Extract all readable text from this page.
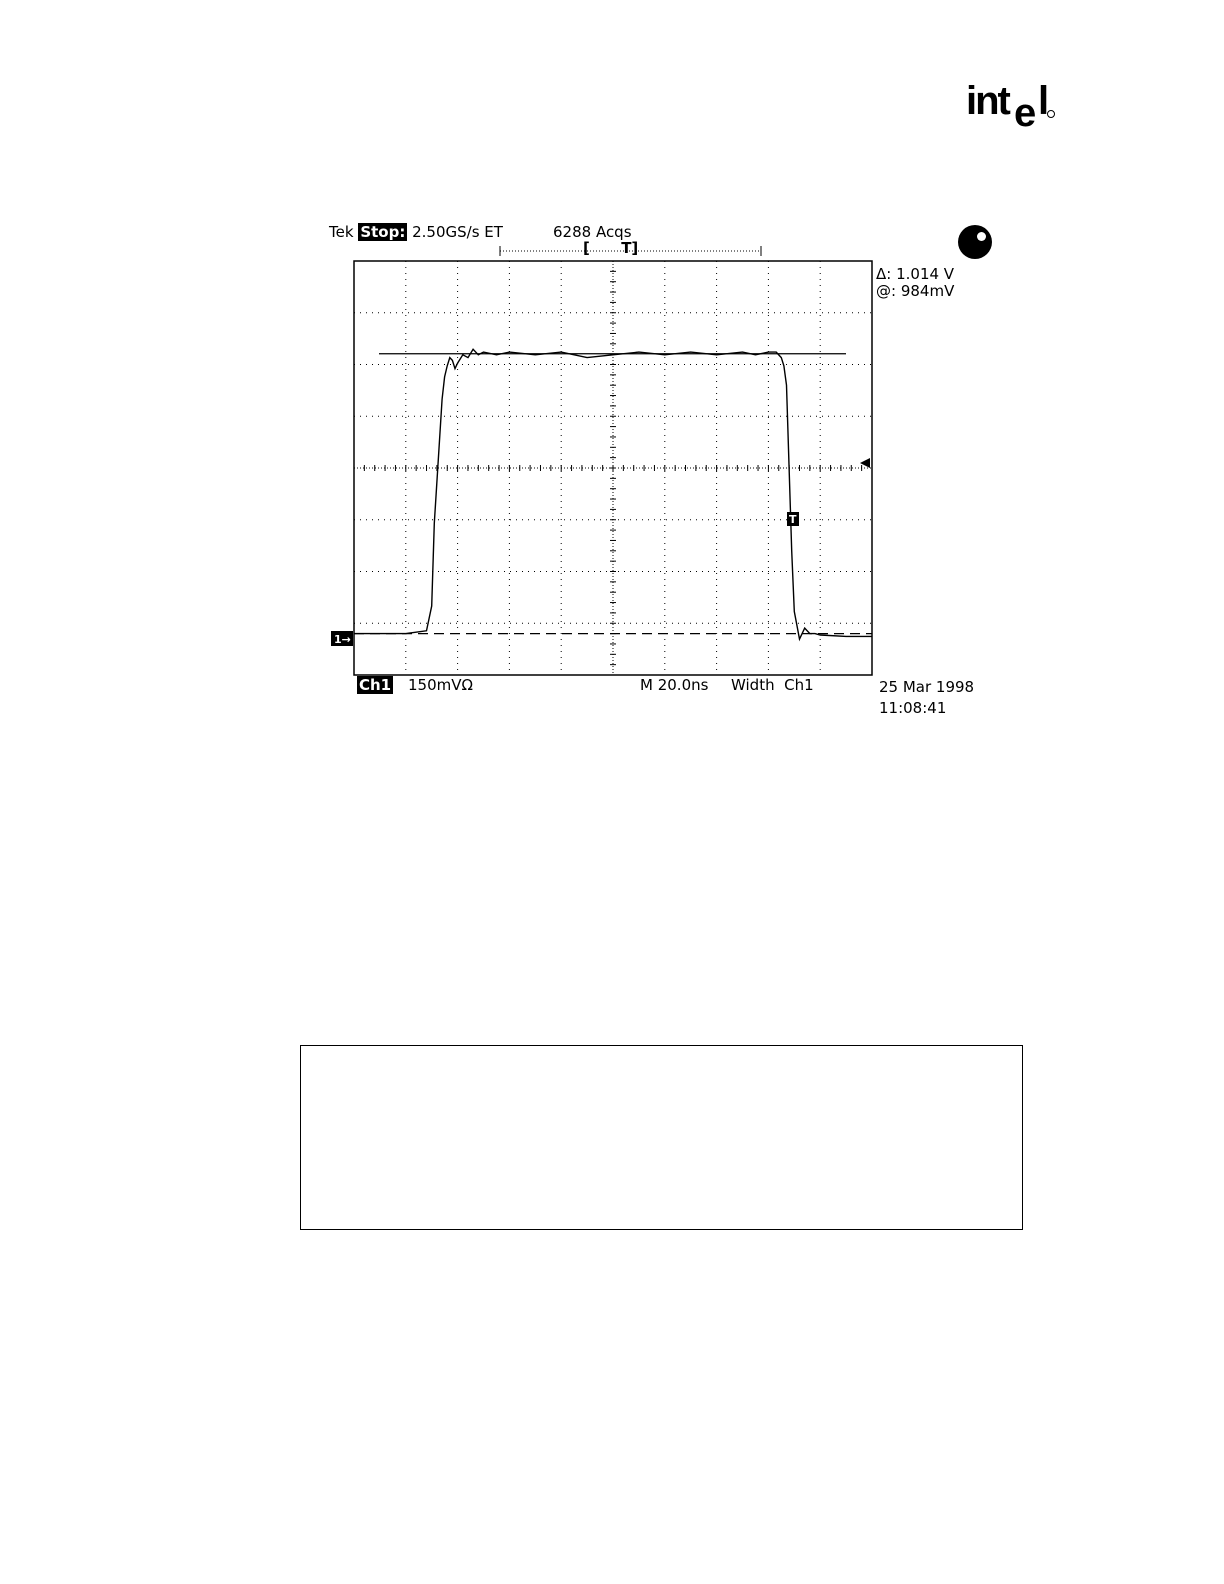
int e l
Tek Stop: 2.50GS/s ET	6288 Acqs
[      T]
Δ: 1.014 V
@: 984mV
Ch1 150mVΩ	M 20.0ns Width  Ch1	25 Mar 1998
11:08:41
1→
T
